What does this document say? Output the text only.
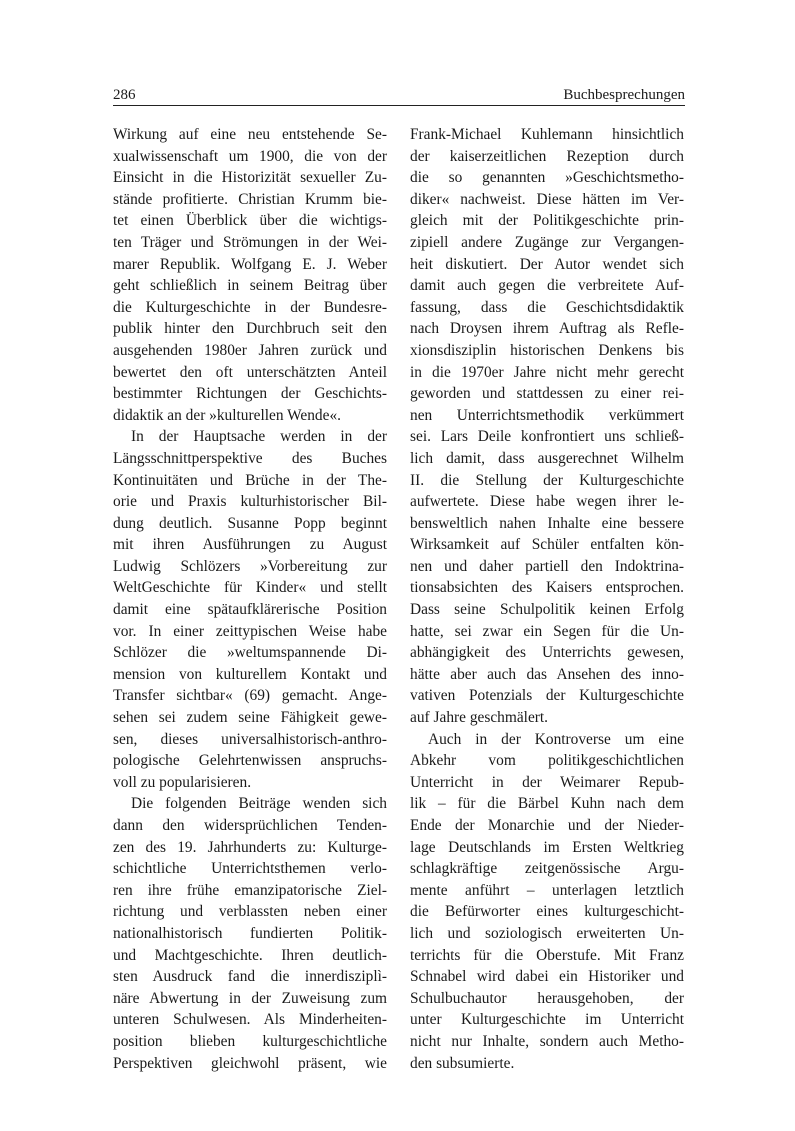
286	Buchbesprechungen
Wirkung auf eine neu entstehende Se-
xualwissenschaft um 1900, die von der
Einsicht in die Historizität sexueller Zu-
stände profitierte. Christian Krumm bie-
tet einen Überblick über die wichtigs-
ten Träger und Strömungen in der Wei-
marer Republik. Wolfgang E. J. Weber
geht schließlich in seinem Beitrag über
die Kulturgeschichte in der Bundesre-
publik hinter den Durchbruch seit den
ausgehenden 1980er Jahren zurück und
bewertet den oft unterschätzten Anteil
bestimmter Richtungen der Geschichts-
didaktik an der »kulturellen Wende«.
In der Hauptsache werden in der
Längsschnittperspektive des Buches
Kontinuitäten und Brüche in der The-
orie und Praxis kulturhistorischer Bil-
dung deutlich. Susanne Popp beginnt
mit ihren Ausführungen zu August
Ludwig Schlözers »Vorbereitung zur
WeltGeschichte für Kinder« und stellt
damit eine spätaufklärerische Position
vor. In einer zeittypischen Weise habe
Schlözer die »weltumspannende Di-
mension von kulturellem Kontakt und
Transfer sichtbar« (69) gemacht. Ange-
sehen sei zudem seine Fähigkeit gewe-
sen, dieses universalhistorisch-anthro-
pologische Gelehrtenwissen anspruchs-
voll zu popularisieren.
Die folgenden Beiträge wenden sich
dann den widersprüchlichen Tenden-
zen des 19. Jahrhunderts zu: Kulturge-
schichtliche Unterrichtsthemen verlo-
ren ihre frühe emanzipatorische Ziel-
richtung und verblassten neben einer
nationalhistorisch fundierten Politik-
und Machtgeschichte. Ihren deutlich-
sten Ausdruck fand die innerdisziplì-
näre Abwertung in der Zuweisung zum
unteren Schulwesen. Als Minderheiten-
position blieben kulturgeschichtliche
Perspektiven gleichwohl präsent, wie
Frank-Michael Kuhlemann hinsichtlich
der kaiserzeitlichen Rezeption durch
die so genannten »Geschichtsmetho-
diker« nachweist. Diese hätten im Ver-
gleich mit der Politikgeschichte prin-
zipiell andere Zugänge zur Vergangen-
heit diskutiert. Der Autor wendet sich
damit auch gegen die verbreitete Auf-
fassung, dass die Geschichtsdidaktik
nach Droysen ihrem Auftrag als Refle-
xionsdisziplin historischen Denkens bis
in die 1970er Jahre nicht mehr gerecht
geworden und stattdessen zu einer rei-
nen Unterrichtsmethodik verkümmert
sei. Lars Deile konfrontiert uns schließ-
lich damit, dass ausgerechnet Wilhelm
II. die Stellung der Kulturgeschichte
aufwertete. Diese habe wegen ihrer le-
bensweltlich nahen Inhalte eine bessere
Wirksamkeit auf Schüler entfalten kön-
nen und daher partiell den Indoktrina-
tionsabsichten des Kaisers entsprochen.
Dass seine Schulpolitik keinen Erfolg
hatte, sei zwar ein Segen für die Un-
abhängigkeit des Unterrichts gewesen,
hätte aber auch das Ansehen des inno-
vativen Potenzials der Kulturgeschichte
auf Jahre geschmälert.
Auch in der Kontroverse um eine
Abkehr vom politikgeschichtlichen
Unterricht in der Weimarer Repub-
lik – für die Bärbel Kuhn nach dem
Ende der Monarchie und der Nieder-
lage Deutschlands im Ersten Weltkrieg
schlagkräftige zeitgenössische Argu-
mente anführt – unterlagen letztlich
die Befürworter eines kulturgeschicht-
lich und soziologisch erweiterten Un-
terrichts für die Oberstufe. Mit Franz
Schnabel wird dabei ein Historiker und
Schulbuchautor herausgehoben, der
unter Kulturgeschichte im Unterricht
nicht nur Inhalte, sondern auch Metho-
den subsumierte.
